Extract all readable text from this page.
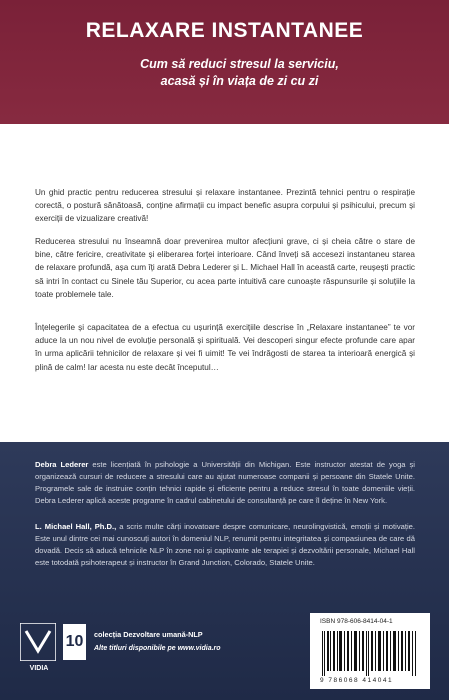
RELAXARE INSTANTANEE
Cum să reduci stresul la serviciu,
acasă și în viața de zi cu zi

Un ghid practic pentru reducerea stresului și relaxare instantanee. Prezintă tehnici pentru o respirație corectă, o postură sănătoasă, conține afirmații cu impact benefic asupra corpului și psihicului, precum și exerciții de vizualizare creativă!

Reducerea stresului nu înseamnă doar prevenirea multor afecțiuni grave, ci și cheia către o stare de bine, către fericire, creativitate și eliberarea forței interioare. Când înveți să accesezi instantaneu starea de relaxare profundă, așa cum îți arată Debra Lederer și L. Michael Hall în această carte, reușești practic să intri în contact cu Sinele tău Superior, cu acea parte intuitivă care cunoaște răspunsurile și soluțiile la toate problemele tale.

Înțelegerile și capacitatea de a efectua cu ușurință exercițiile descrise în „Relaxare instantanee” te vor aduce la un nou nivel de evoluție personală și spirituală. Vei descoperi singur efecte profunde care apar în urma aplicării tehnicilor de relaxare și vei fi uimit! Te vei îndrăgosti de starea ta interioară energică și plină de calm! Iar acesta nu este decât începutul…

Debra Lederer este licențiată în psihologie a Universității din Michigan. Este instructor atestat de yoga și organizează cursuri de reducere a stresului care au ajutat numeroase companii și persoane din Statele Unite. Programele sale de instruire conțin tehnici rapide și eficiente pentru a reduce stresul în toate domeniile vieții. Debra Lederer aplică aceste programe în cadrul cabinetului de consultanță pe care îl deține în New York.

L. Michael Hall, Ph.D., a scris multe cărți inovatoare despre comunicare, neurolingvistică, emoții și motivație. Este unul dintre cei mai cunoscuți autori în domeniul NLP, renumit pentru integritatea și compasiunea de care dă dovadă. Decis să aducă tehnicile NLP în zone noi și captivante ale terapiei și dezvoltării personale, Michael Hall este totodată psihoterapeut și instructor în Grand Junction, Colorado, Statele Unite.

VIDIA
10	colecția Dezvoltare umană-NLP
Alte titluri disponibile pe www.vidia.ro
ISBN 978-606-8414-04-1
9 786068 414041
